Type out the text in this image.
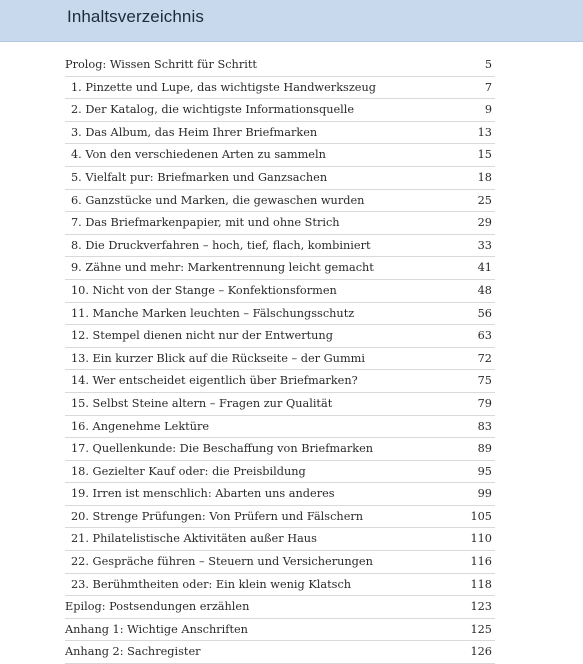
Inhaltsverzeichnis
Prolog: Wissen Schritt für Schritt	5
1. Pinzette und Lupe, das wichtigste Handwerkszeug	7
2. Der Katalog, die wichtigste Informationsquelle	9
3. Das Album, das Heim Ihrer Briefmarken	13
4. Von den verschiedenen Arten zu sammeln	15
5. Vielfalt pur: Briefmarken und Ganzsachen	18
6. Ganzstücke und Marken, die gewaschen wurden	25
7. Das Briefmarkenpapier, mit und ohne Strich	29
8. Die Druckverfahren – hoch, tief, flach, kombiniert	33
9. Zähne und mehr: Markentrennung leicht gemacht	41
10. Nicht von der Stange – Konfektionsformen	48
11. Manche Marken leuchten – Fälschungsschutz	56
12. Stempel dienen nicht nur der Entwertung	63
13. Ein kurzer Blick auf die Rückseite – der Gummi	72
14. Wer entscheidet eigentlich über Briefmarken?	75
15. Selbst Steine altern – Fragen zur Qualität	79
16. Angenehme Lektüre	83
17. Quellenkunde: Die Beschaffung von Briefmarken	89
18. Gezielter Kauf oder: die Preisbildung	95
19. Irren ist menschlich: Abarten uns anderes	99
20. Strenge Prüfungen: Von Prüfern und Fälschern	105
21. Philatelistische Aktivitäten außer Haus	110
22. Gespräche führen – Steuern und Versicherungen	116
23. Berühmtheiten oder: Ein klein wenig Klatsch	118
Epilog: Postsendungen erzählen	123
Anhang 1: Wichtige Anschriften	125
Anhang 2: Sachregister	126
